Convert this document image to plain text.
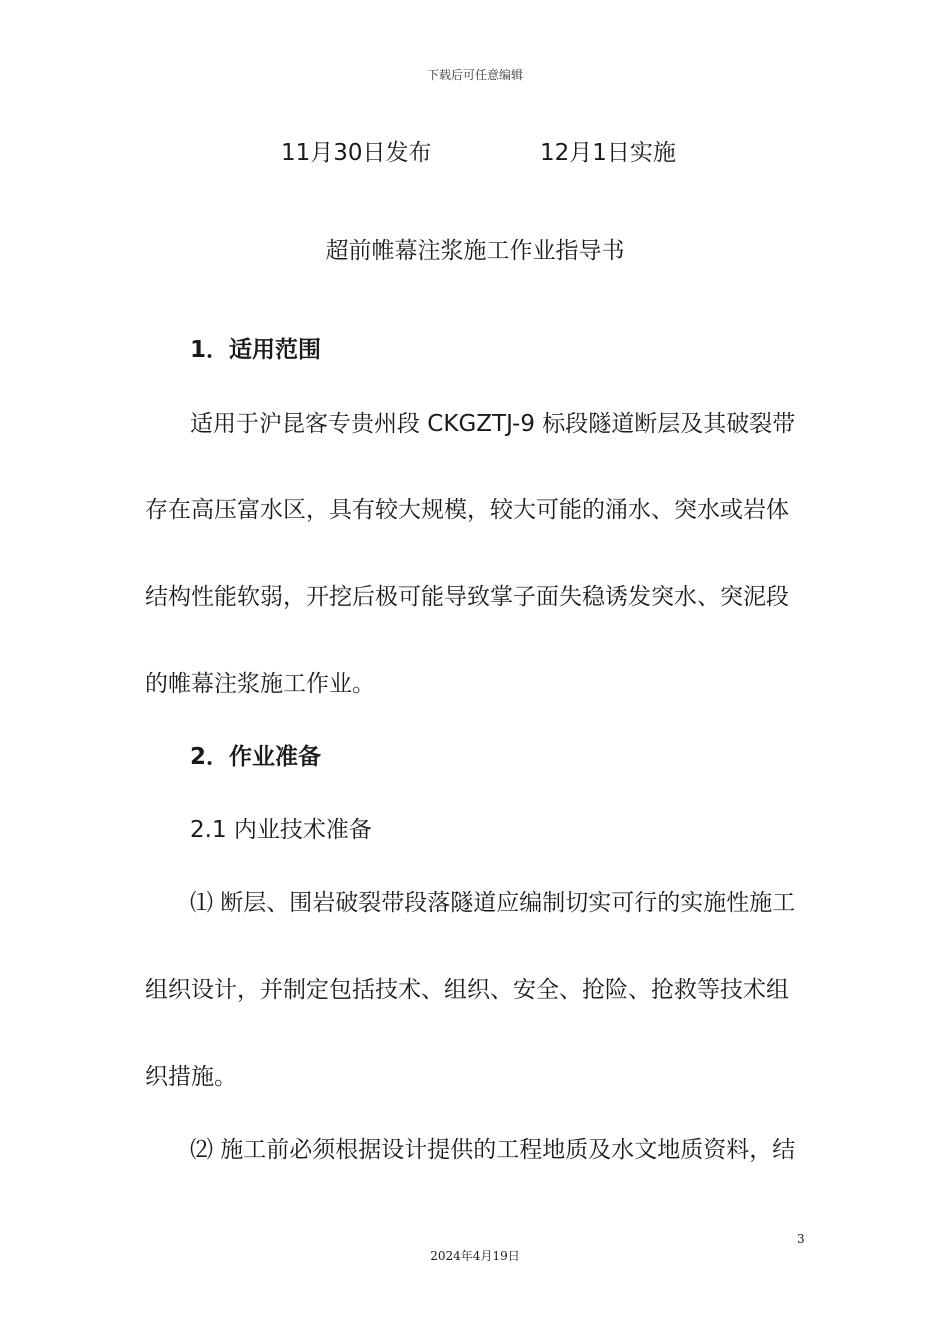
下载后可任意编辑
11月30日发布	12月1日实施
超前帷幕注浆施工作业指导书
1．适用范围
适用于沪昆客专贵州段 CKGZTJ-9 标段隧道断层及其破裂带
存在高压富水区，具有较大规模，较大可能的涌水、突水或岩体
结构性能软弱，开挖后极可能导致掌子面失稳诱发突水、突泥段
的帷幕注浆施工作业。
2．作业准备
2.1 内业技术准备
⑴ 断层、围岩破裂带段落隧道应编制切实可行的实施性施工
组织设计，并制定包括技术、组织、安全、抢险、抢救等技术组
织措施。
⑵ 施工前必须根据设计提供的工程地质及水文地质资料，结
3
2024年4月19日
